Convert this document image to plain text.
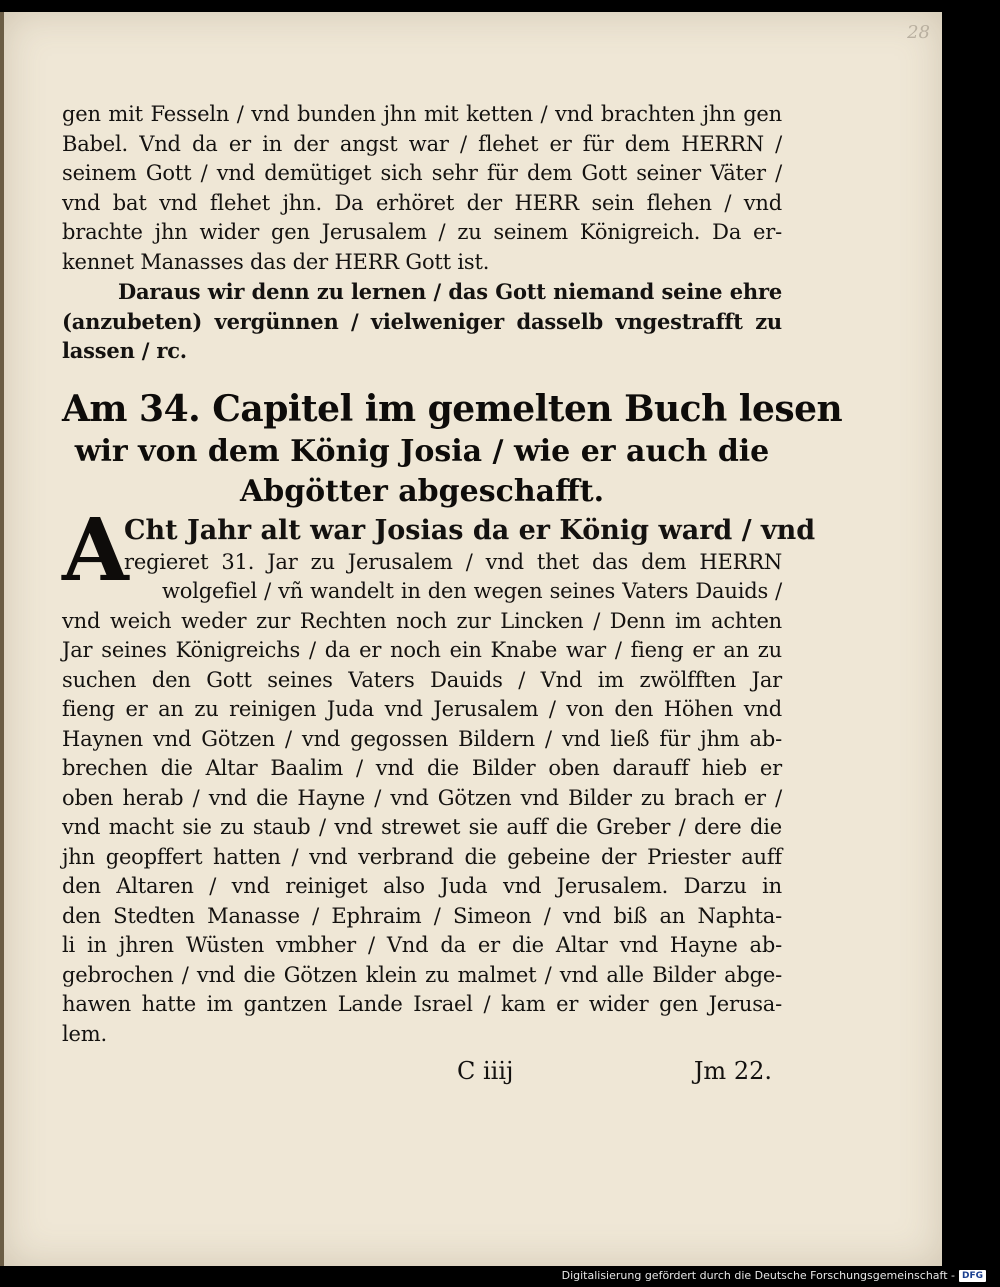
28
gen mit Fesseln / vnd bunden jhn mit ketten / vnd brachten jhn gen
Babel. Vnd da er in der angst war / flehet er für dem HERRN /
seinem Gott / vnd demütiget sich sehr für dem Gott seiner Väter /
vnd bat vnd flehet jhn. Da erhöret der HERR sein flehen / vnd
brachte jhn wider gen Jerusalem / zu seinem Königreich. Da er-
kennet Manasses das der HERR Gott ist.
Daraus wir denn zu lernen / das Gott niemand seine ehre
(anzubeten) vergünnen / vielweniger dasselb vngestrafft zu
lassen / rc.
Am 34. Capitel im gemelten Buch lesen
wir von dem König Josia / wie er auch die
Abgötter abgeschafft.
A
Cht Jahr alt war Josias da er König ward / vnd
regieret 31. Jar zu Jerusalem / vnd thet das dem HERRN
wolgefiel / vñ wandelt in den wegen seines Vaters Dauids /
vnd weich weder zur Rechten noch zur Lincken / Denn im achten
Jar seines Königreichs / da er noch ein Knabe war / fieng er an zu
suchen den Gott seines Vaters Dauids / Vnd im zwölfften Jar
fieng er an zu reinigen Juda vnd Jerusalem / von den Höhen vnd
Haynen vnd Götzen / vnd gegossen Bildern / vnd ließ für jhm ab-
brechen die Altar Baalim / vnd die Bilder oben darauff hieb er
oben herab / vnd die Hayne / vnd Götzen vnd Bilder zu brach er /
vnd macht sie zu staub / vnd strewet sie auff die Greber / dere die
jhn geopffert hatten / vnd verbrand die gebeine der Priester auff
den Altaren / vnd reiniget also Juda vnd Jerusalem. Darzu in
den Stedten Manasse / Ephraim / Simeon / vnd biß an Naphta-
li in jhren Wüsten vmbher / Vnd da er die Altar vnd Hayne ab-
gebrochen / vnd die Götzen klein zu malmet / vnd alle Bilder abge-
hawen hatte im gantzen Lande Israel / kam er wider gen Jerusa-
lem.
C iiij	Jm 22.
Digitalisierung gefördert durch die Deutsche Forschungsgemeinschaft - DFG
